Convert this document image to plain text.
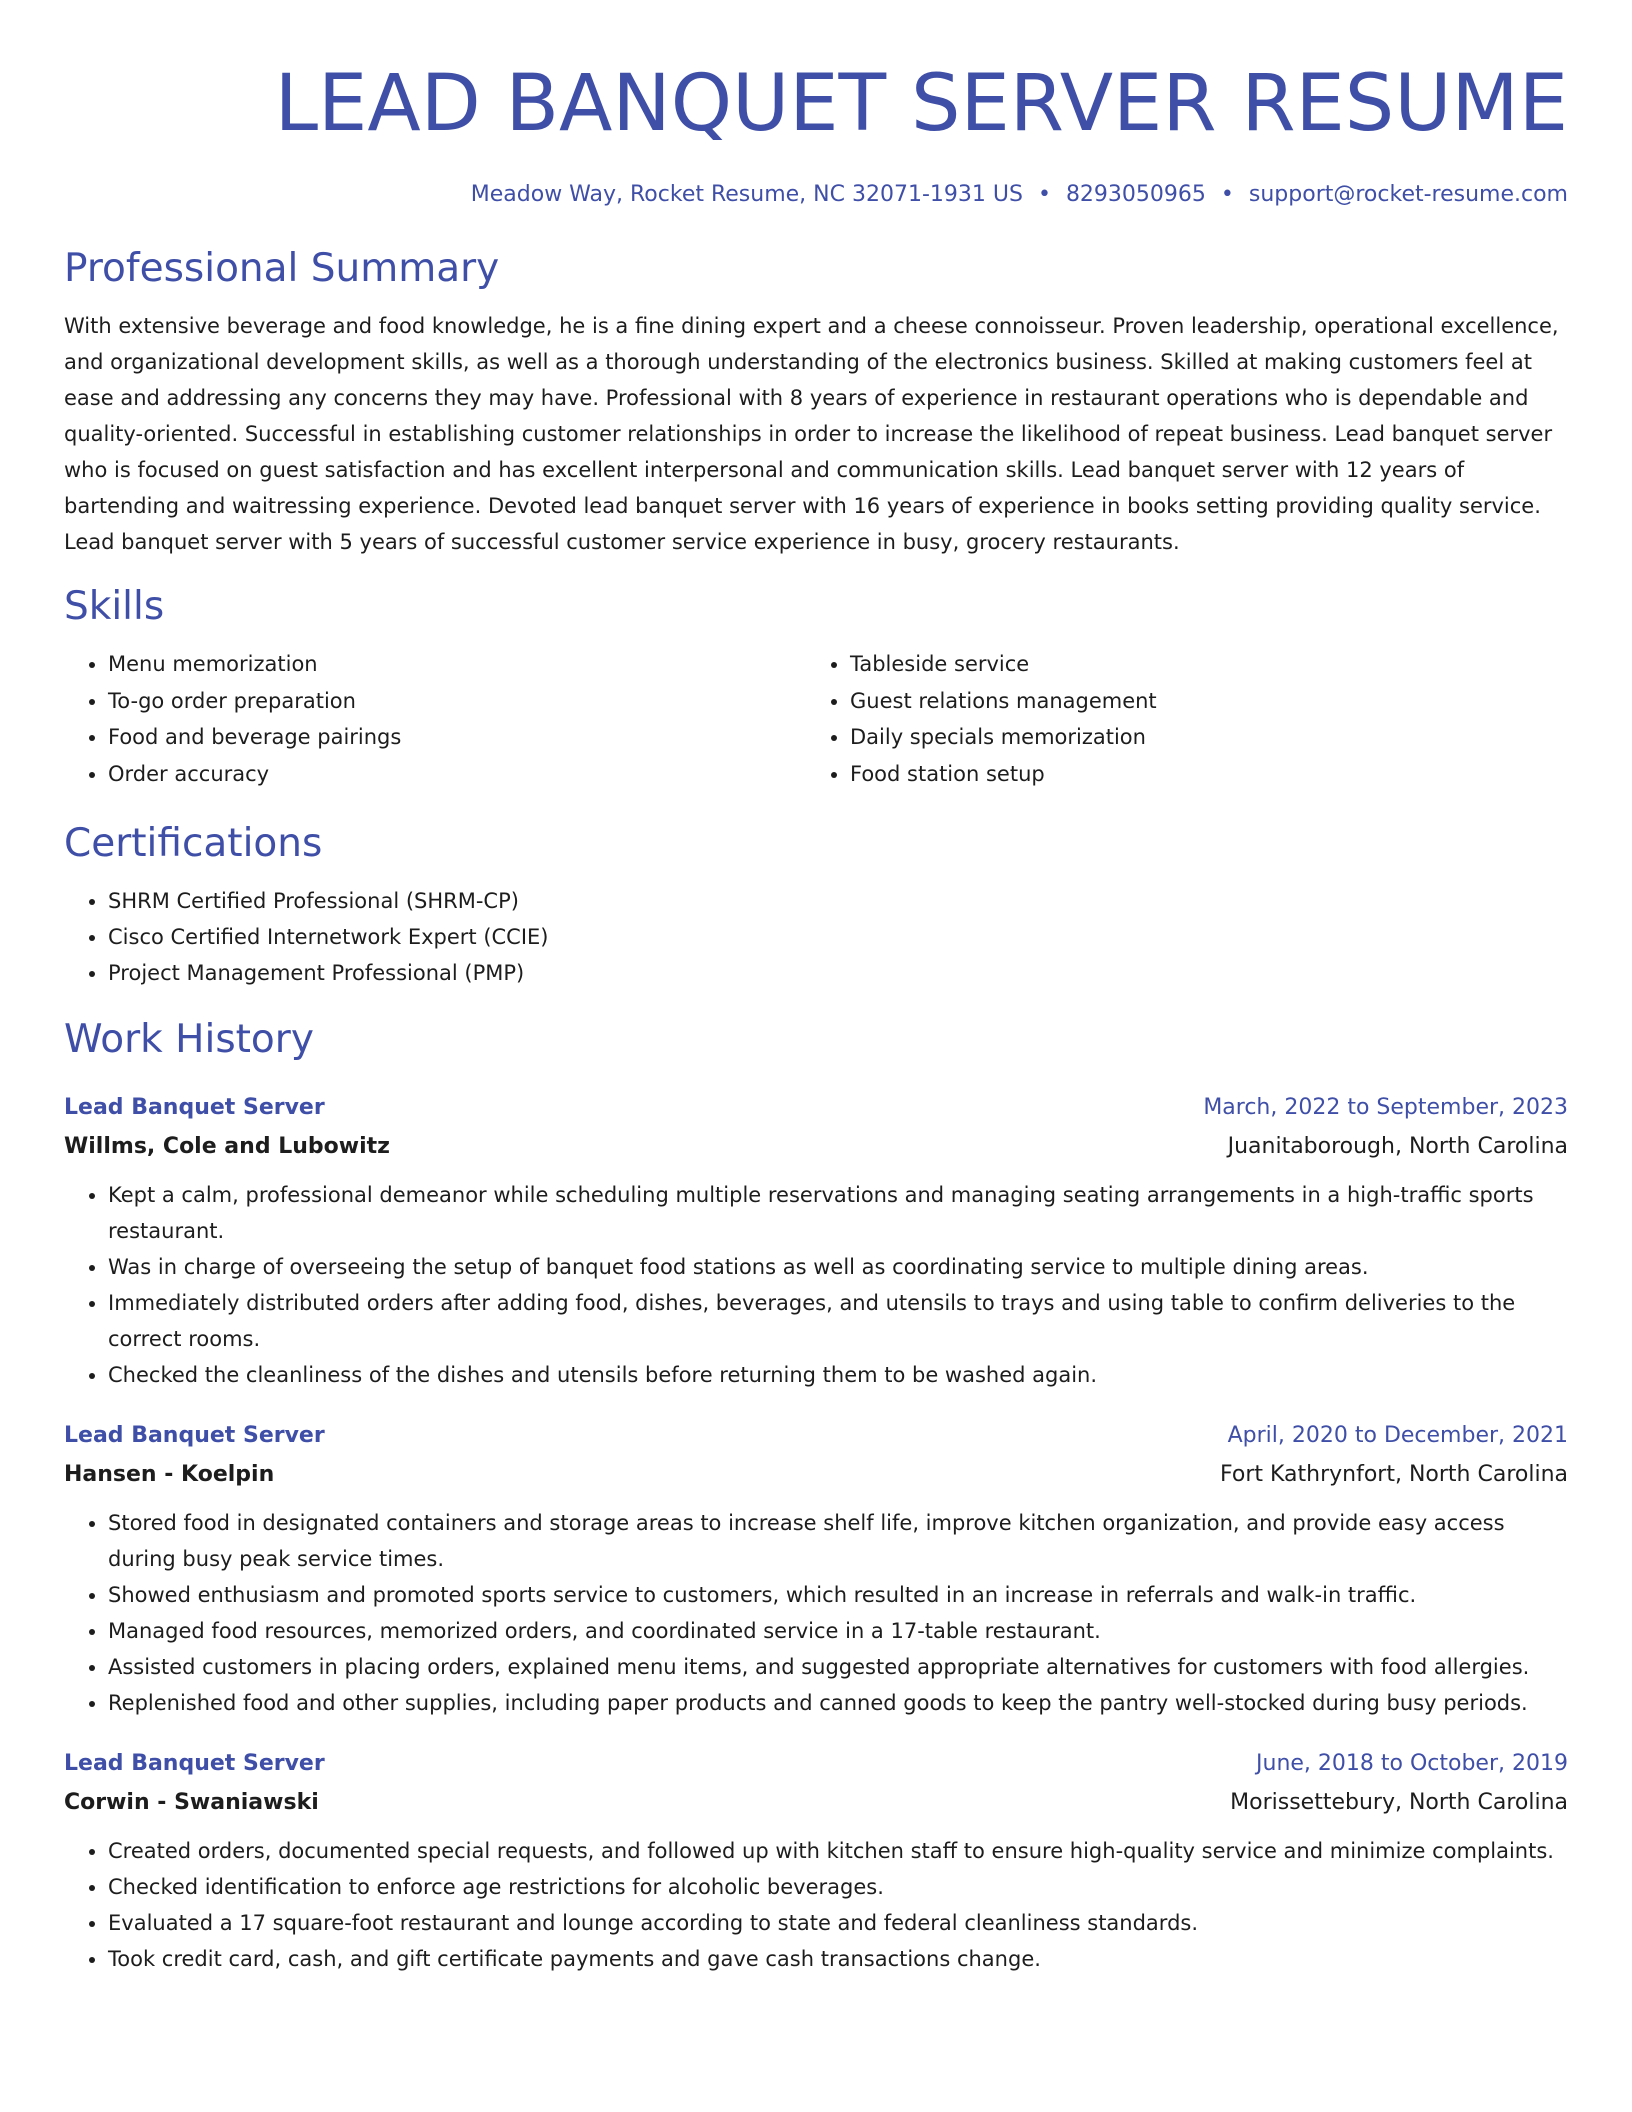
LEAD BANQUET SERVER RESUME
Meadow Way, Rocket Resume, NC 32071-1931 US • 8293050965 • support@rocket-resume.com
Professional Summary

With extensive beverage and food knowledge, he is a fine dining expert and a cheese connoisseur. Proven leadership, operational excellence, and organizational development skills, as well as a thorough understanding of the electronics business. Skilled at making customers feel at ease and addressing any concerns they may have. Professional with 8 years of experience in restaurant operations who is dependable and quality-oriented. Successful in establishing customer relationships in order to increase the likelihood of repeat business. Lead banquet server who is focused on guest satisfaction and has excellent interpersonal and communication skills. Lead banquet server with 12 years of bartending and waitressing experience. Devoted lead banquet server with 16 years of experience in books setting providing quality service. Lead banquet server with 5 years of successful customer service experience in busy, grocery restaurants.

Skills
• Menu memorization
• To-go order preparation
• Food and beverage pairings
• Order accuracy
• Tableside service
• Guest relations management
• Daily specials memorization
• Food station setup
Certifications
• SHRM Certified Professional (SHRM-CP)
• Cisco Certified Internetwork Expert (CCIE)
• Project Management Professional (PMP)
Work History
Lead Banquet Server	March, 2022 to September, 2023
Willms, Cole and Lubowitz	Juanitaborough, North Carolina
• Kept a calm, professional demeanor while scheduling multiple reservations and managing seating arrangements in a high-traffic sports restaurant.
• Was in charge of overseeing the setup of banquet food stations as well as coordinating service to multiple dining areas.
• Immediately distributed orders after adding food, dishes, beverages, and utensils to trays and using table to confirm deliveries to the correct rooms.
• Checked the cleanliness of the dishes and utensils before returning them to be washed again.
Lead Banquet Server	April, 2020 to December, 2021
Hansen - Koelpin	Fort Kathrynfort, North Carolina
• Stored food in designated containers and storage areas to increase shelf life, improve kitchen organization, and provide easy access during busy peak service times.
• Showed enthusiasm and promoted sports service to customers, which resulted in an increase in referrals and walk-in traffic.
• Managed food resources, memorized orders, and coordinated service in a 17-table restaurant.
• Assisted customers in placing orders, explained menu items, and suggested appropriate alternatives for customers with food allergies.
• Replenished food and other supplies, including paper products and canned goods to keep the pantry well-stocked during busy periods.
Lead Banquet Server	June, 2018 to October, 2019
Corwin - Swaniawski	Morissettebury, North Carolina
• Created orders, documented special requests, and followed up with kitchen staff to ensure high-quality service and minimize complaints.
• Checked identification to enforce age restrictions for alcoholic beverages.
• Evaluated a 17 square-foot restaurant and lounge according to state and federal cleanliness standards.
• Took credit card, cash, and gift certificate payments and gave cash transactions change.
